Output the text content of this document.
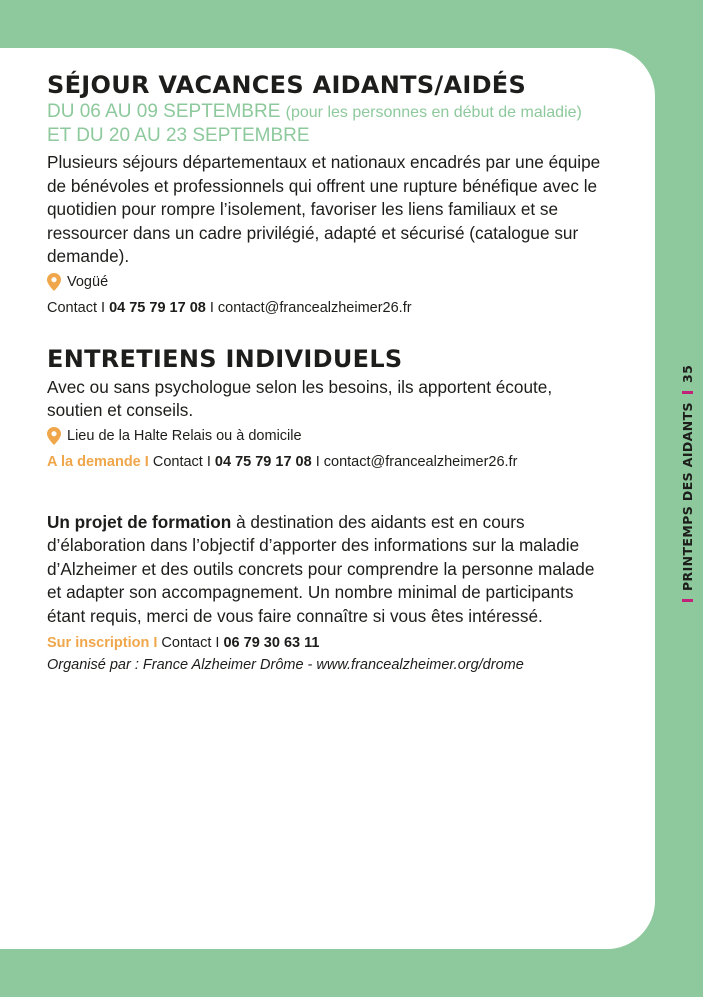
SÉJOUR VACANCES AIDANTS/AIDÉS
DU 06 AU 09 SEPTEMBRE (pour les personnes en début de maladie)
ET DU 20 AU 23 SEPTEMBRE
Plusieurs séjours départementaux et nationaux encadrés par une équipe de bénévoles et professionnels qui offrent une rupture bénéfique avec le quotidien pour rompre l’isolement, favoriser les liens familiaux et se ressourcer dans un cadre privilégié, adapté et sécurisé (catalogue sur demande).
Vogüé
Contact I 04 75 79 17 08 I contact@francealzheimer26.fr
ENTRETIENS INDIVIDUELS
Avec ou sans psychologue selon les besoins, ils apportent écoute, soutien et conseils.
Lieu de la Halte Relais ou à domicile
A la demande I Contact I 04 75 79 17 08 I contact@francealzheimer26.fr
Un projet de formation à destination des aidants est en cours d’élaboration dans l’objectif d’apporter des informations sur la maladie d’Alzheimer et des outils concrets pour comprendre la personne malade et adapter son accompagnement. Un nombre minimal de participants étant requis, merci de vous faire connaître si vous êtes intéressé.
Sur inscription I Contact I 06 79 30 63 11
Organisé par : France Alzheimer Drôme - www.francealzheimer.org/drome
PRINTEMPS DES AIDANTS
35
